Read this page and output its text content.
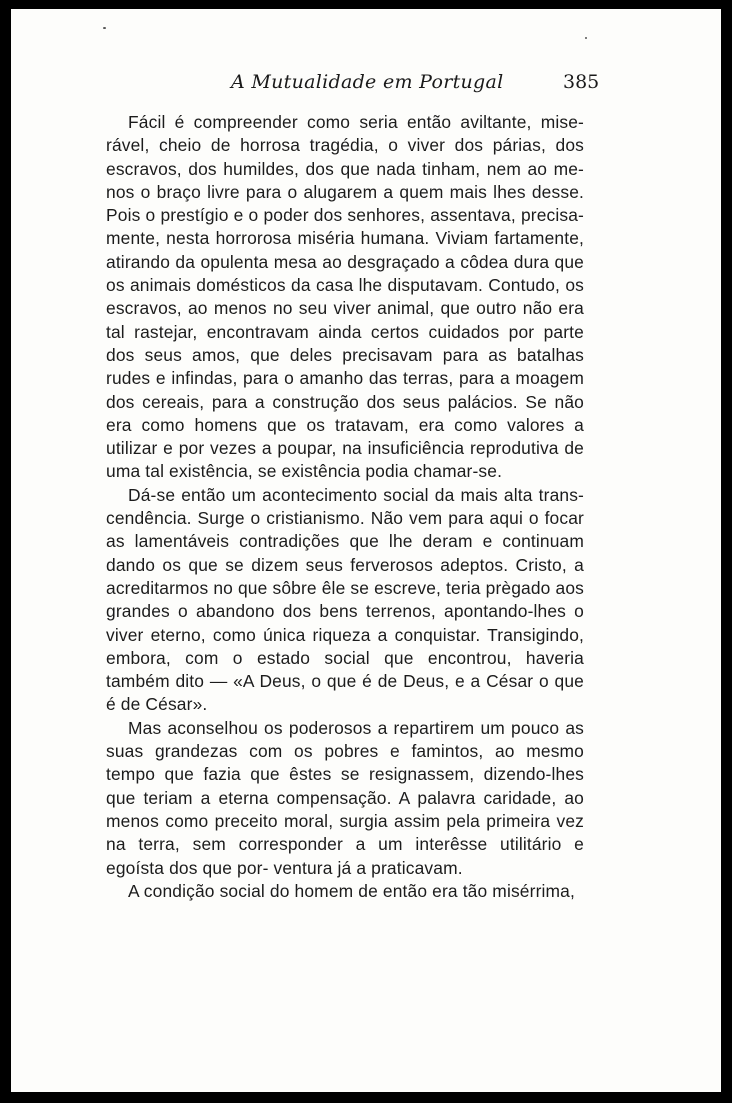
A Mutualidade em Portugal	385

Fácil é compreender como seria então aviltante, mise- rável, cheio de horrosa tragédia, o viver dos párias, dos escravos, dos humildes, dos que nada tinham, nem ao me- nos o braço livre para o alugarem a quem mais lhes desse. Pois o prestígio e o poder dos senhores, assentava, precisa- mente, nesta horrorosa miséria humana. Viviam fartamente, atirando da opulenta mesa ao desgraçado a côdea dura que os animais domésticos da casa lhe disputavam. Contudo, os escravos, ao menos no seu viver animal, que outro não era tal rastejar, encontravam ainda certos cuidados por parte dos seus amos, que deles precisavam para as batalhas rudes e infindas, para o amanho das terras, para a moagem dos cereais, para a construção dos seus palácios. Se não era como homens que os tratavam, era como valores a utilizar e por vezes a poupar, na insuficiência reprodutiva de uma tal existência, se existência podia chamar-se.

Dá-se então um acontecimento social da mais alta trans- cendência. Surge o cristianismo. Não vem para aqui o focar as lamentáveis contradições que lhe deram e continuam dando os que se dizem seus ferverosos adeptos. Cristo, a acreditarmos no que sôbre êle se escreve, teria prègado aos grandes o abandono dos bens terrenos, apontando-lhes o viver eterno, como única riqueza a conquistar. Transigindo, embora, com o estado social que encontrou, haveria também dito — «A Deus, o que é de Deus, e a César o que é de César».

Mas aconselhou os poderosos a repartirem um pouco as suas grandezas com os pobres e famintos, ao mesmo tempo que fazia que êstes se resignassem, dizendo-lhes que teriam a eterna compensação. A palavra caridade, ao menos como preceito moral, surgia assim pela primeira vez na terra, sem corresponder a um interêsse utilitário e egoísta dos que por- ventura já a praticavam.

A condição social do homem de então era tão misérrima,
